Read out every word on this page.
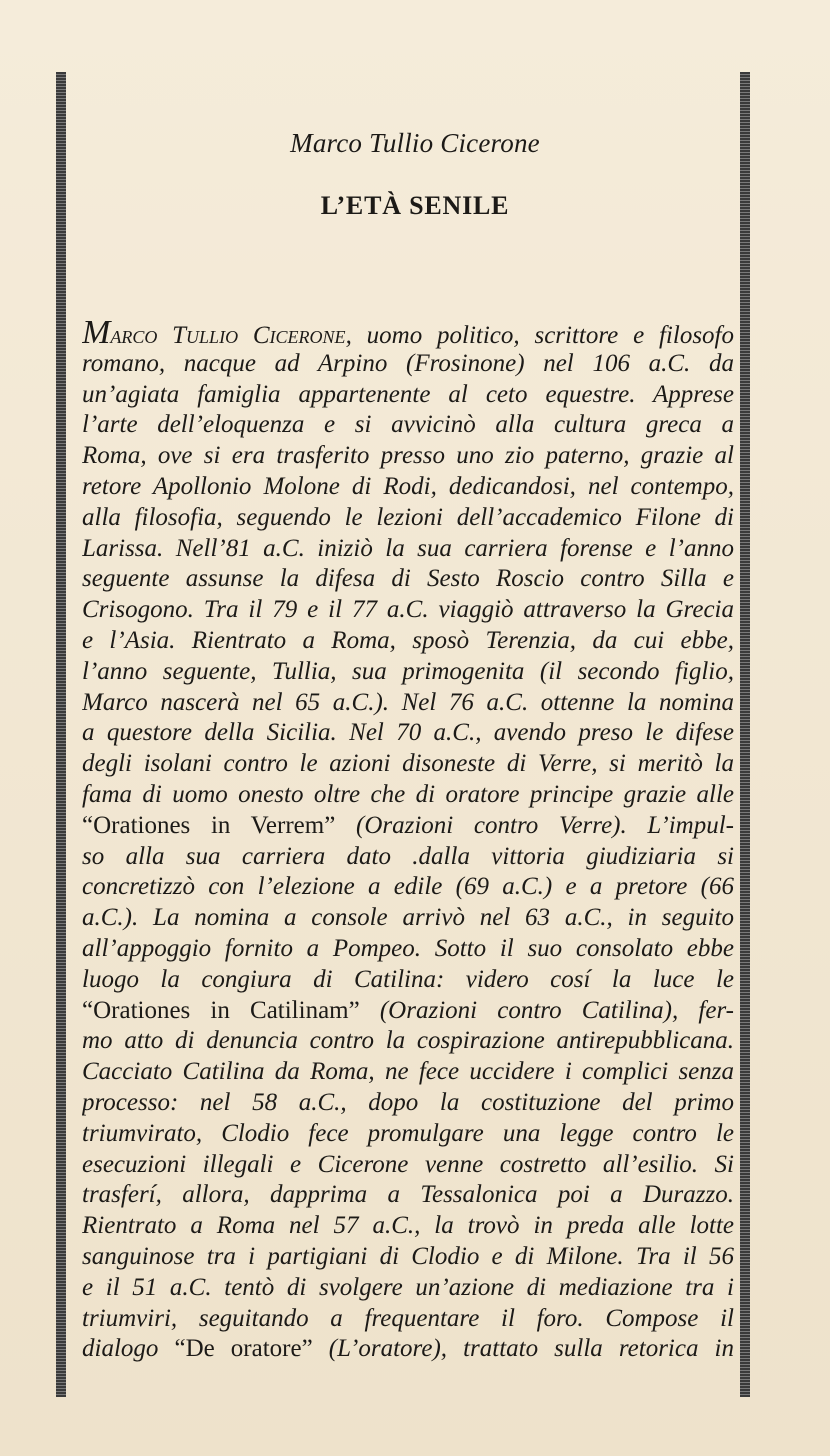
Marco Tullio Cicerone
L’ETÀ SENILE
Marco Tullio Cicerone, uomo politico, scrittore e filosofo
romano, nacque ad Arpino (Frosinone) nel 106 a.C. da
un’agiata famiglia appartenente al ceto equestre. Apprese
l’arte dell’eloquenza e si avvicinò alla cultura greca a
Roma, ove si era trasferito presso uno zio paterno, grazie al
retore Apollonio Molone di Rodi, dedicandosi, nel contempo,
alla filosofia, seguendo le lezioni dell’accademico Filone di
Larissa. Nell’81 a.C. iniziò la sua carriera forense e l’anno
seguente assunse la difesa di Sesto Roscio contro Silla e
Crisogono. Tra il 79 e il 77 a.C. viaggiò attraverso la Grecia
e l’Asia. Rientrato a Roma, sposò Terenzia, da cui ebbe,
l’anno seguente, Tullia, sua primogenita (il secondo figlio,
Marco nascerà nel 65 a.C.). Nel 76 a.C. ottenne la nomina
a questore della Sicilia. Nel 70 a.C., avendo preso le difese
degli isolani contro le azioni disoneste di Verre, si meritò la
fama di uomo onesto oltre che di oratore principe grazie alle
“Orationes in Verrem” (Orazioni contro Verre). L’impul-
so alla sua carriera dato .dalla vittoria giudiziaria si
concretizzò con l’elezione a edile (69 a.C.) e a pretore (66
a.C.). La nomina a console arrivò nel 63 a.C., in seguito
all’appoggio fornito a Pompeo. Sotto il suo consolato ebbe
luogo la congiura di Catilina: videro cosí la luce le
“Orationes in Catilinam” (Orazioni contro Catilina), fer-
mo atto di denuncia contro la cospirazione antirepubblicana.
Cacciato Catilina da Roma, ne fece uccidere i complici senza
processo: nel 58 a.C., dopo la costituzione del primo
triumvirato, Clodio fece promulgare una legge contro le
esecuzioni illegali e Cicerone venne costretto all’esilio. Si
trasferí, allora, dapprima a Tessalonica poi a Durazzo.
Rientrato a Roma nel 57 a.C., la trovò in preda alle lotte
sanguinose tra i partigiani di Clodio e di Milone. Tra il 56
e il 51 a.C. tentò di svolgere un’azione di mediazione tra i
triumviri, seguitando a frequentare il foro. Compose il
dialogo “De oratore” (L’oratore), trattato sulla retorica in
